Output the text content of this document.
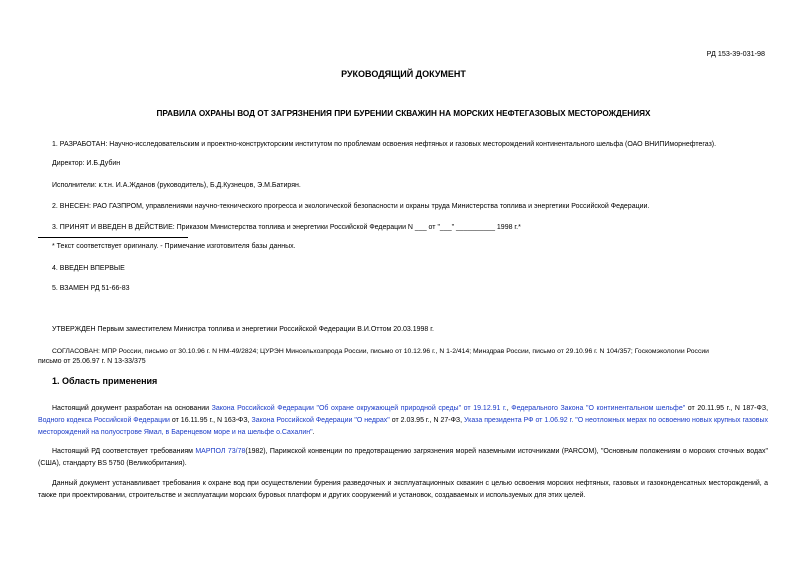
РД 153-39-031-98
РУКОВОДЯЩИЙ ДОКУМЕНТ
ПРАВИЛА ОХРАНЫ ВОД ОТ ЗАГРЯЗНЕНИЯ ПРИ БУРЕНИИ СКВАЖИН НА МОРСКИХ НЕФТЕГАЗОВЫХ МЕСТОРОЖДЕНИЯХ
1. РАЗРАБОТАН: Научно-исследовательским и проектно-конструкторским институтом по проблемам освоения нефтяных и газовых месторождений континентального шельфа (ОАО ВНИПИморнефтегаз).
Директор: И.Б.Дубин
Исполнители: к.т.н. И.А.Жданов (руководитель), Б.Д.Кузнецов, Э.М.Батирян.
2. ВНЕСЕН: РАО ГАЗПРОМ, управлениями научно-технического прогресса и экологической безопасности и охраны труда Министерства топлива и энергетики Российской Федерации.
3. ПРИНЯТ И ВВЕДЕН В ДЕЙСТВИЕ: Приказом Министерства топлива и энергетики Российской Федерации N ___ от "___" __________ 1998 г.*
* Текст соответствует оригиналу. - Примечание изготовителя базы данных.
4. ВВЕДЕН ВПЕРВЫЕ
5. ВЗАМЕН РД 51-66-83
УТВЕРЖДЕН Первым заместителем Министра топлива и энергетики Российской Федерации В.И.Оттом 20.03.1998 г.
СОГЛАСОВАН: МПР России, письмо от 30.10.96 г. N НМ-49/2824; ЦУРЭН Минсельхозпрода России, письмо от 10.12.96 г., N 1-2/414; Минздрав России, письмо от 29.10.96 г. N 104/357; Госкомэкологии России
письмо от 25.06.97 г. N 13-33/375
1. Область применения
Настоящий документ разработан на основании Закона Российской Федерации "Об охране окружающей природной среды" от 19.12.91 г., Федерального Закона "О континентальном шельфе" от 20.11.95 г., N 187-ФЗ, Водного кодекса Российской Федерации от 16.11.95 г., N 163-ФЗ, Закона Российской Федерации "О недрах" от 2.03.95 г., N 27-ФЗ, Указа президента РФ от 1.06.92 г. "О неотложных мерах по освоению новых крупных газовых месторождений на полуострове Ямал, в Баренцевом море и на шельфе о.Сахалин".
Настоящий РД соответствует требованиям МАРПОЛ 73/78(1982), Парижской конвенции по предотвращению загрязнения морей наземными источниками (PARCOM), "Основным положениям о морских сточных водах" (США), стандарту BS 5750 (Великобритания).
Данный документ устанавливает требования к охране вод при осуществлении бурения разведочных и эксплуатационных скважин с целью освоения морских нефтяных, газовых и газоконденсатных месторождений, а также при проектировании, строительстве и эксплуатации морских буровых платформ и других сооружений и установок, создаваемых и используемых для этих целей.
